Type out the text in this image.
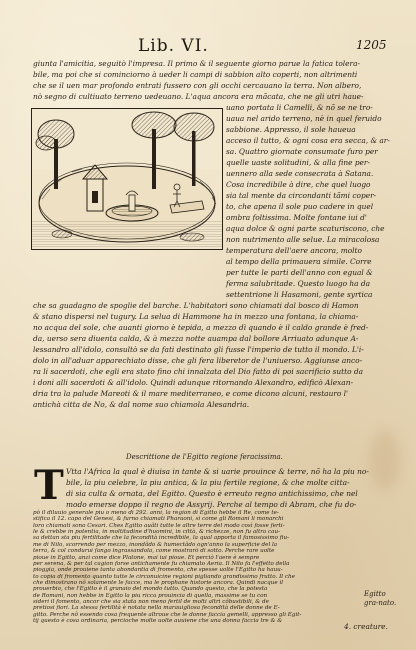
Lib. VI.	1205
giunta l'amicitia, seguitò l'impresa. Il primo & il seguente giorno parue la fatica tolera-
bile, ma poi che si cominciorno à ueder li campi di sabbion alto coperti, non altrimenti
che se il uen mar profondo entrati fussero con gli occhi cercauano la terra. Non albero,
nò segno di cultiuato terreno uedeuano. L'aqua ancora era mãcata, che ne gli utri haue-
uano portata li Camelli, & nõ se ne tro-
uaua nel arido terreno, nè in quel feruido
sabbione. Appresso, il sole haueua
acceso il tutto, & ogni cosa era secca, & ar-
sa. Quattro giornate consumate furo per
quelle uaste solitudini, & alla fine per-
uennero alla sede consecrata à Satana.
Cosa incredibile à dire, che quel luogo
sia tal mente da circondanti tãmi coper-
to, che apena il sole puo cadere in quel
ombra foltissima. Molte fontane iui d'
aqua dolce & ogni parte scaturiscono, che
non nutrimento alle selue. La miracolosa
temperatura dell'aere ancora, molto
al tempo della primauera simile. Corre
per tutte le parti dell'anno con egual &
ferma salubritade. Questo luogo ha da
settentrione li Hasamoni, gente syrtica
che sa guadagno de spoglie del barche. L'habitatori sono chiamati dal bosco di Hamon
& stano dispersi nel tugury. La selua di Hammone ha in mezzo una fontana, la chiama-
no acqua del sole, che auanti giorno è tepida, a mezzo dì quando è il caldo grande è fred-
da, uerso sera diuenta calda, & à mezza notte auampa dal bollore Arriuato adunque A-
lessandro all'idolo, consultò se da fati destinato gli fusse l'imperio de tutto il mondo. L'i-
dolo in all'aduar apparechiato disse, che gli fera liberetor de l'uniuerso. Aggiunse anco-
ra li sacerdoti, che egli era stato fino chi innalzata del Dio fatto di poi sacrificio sutto da
i doni alli sacerdoti & all'idolo. Quindi adunque ritornando Alexandro, edificò Alexan-
dria tra la palude Mareoti & il mare mediterraneo, e come dicono alcuni, restauro l'
antichà citta de No, & dal nome suo chiamola Alesandria.
Descrittione de l'Egitto regione feracissima.
T Vtta l'Africa la qual è diuisa in tante & si uarie prouince & terre, nõ ha la piu no-
bile, la piu celebre, la piu antica, & la piu fertile regione, & che molte citta-
di sia culta & ornata, del Egitto. Questo è erreuto regno antichissimo, che nel
modo emerse doppo il regno de Assyrij. Perche al tempo di Abram, che fu do-
Egitto gra-nato.
4. creature.
pò il diluuio generale piu o meno di 292. anni, la region di Egitto hebbe il Re, come te-
stifica il 12. capo del Genesi, & furno chiamati Pharaoni, si come gli Romani li monarchi
loro chiamati sono Cesari. Ches Egitto auãti tutte le altre terre del modo così fosse ferti-
le & crebbe in potentia, in moltitudine d'huomini, in città, & richezze, non fu altra cau-
sa dettan sta piu fertilitade che la fecondità incredibile, la qual apporta il famosissimo fiu-
me di Nilo, scorrendo per mezzo, inondãdo & humectãdo ogn'anno la superficie del la
terra, & col condurui fango ingrassandola, come mostrarò di sotto. Perche rare uolte
pioue in Egitto, anzi come dice Platone, mai iui pioue. Et perciò l'aere è sempre
per serena, & per tal cagion forse antichamente fu chiamato Aeria. Il Nilo fa l'effetto della
pioggia, onde prouiene tanta abondantia di fromento, che spesse uolte l'Egitto ha hauu-
to copia di fromento quanto tutte le circonuicine regioni pigliando grandissimo frutto. Il che
che dimostrano nõ solamente le facce, ma le prophane historie ancora. Quindi nacque il
prouerbio, che l'Egitto è il granaio del mondo tutto. Quando questo, che la potesta
de Romani, non hebbe in Egitto la piu ricca prouincia di quella, massime se tu con
sideri il fomento, ancor che sia stata non meno fertil de molti altri cõbustibili, & de
pretiosi fiori. La stessa fertilità è notata nella marauigliosa fecondità delle donne de E-
gitto. Perche nõ essendo cosa frequente altroue che le donne faccia gemelli, appresso gli Egit-
tij questo è cosa ordinaria, percioche molte uolte auuiene che una donna faccia tre & &
